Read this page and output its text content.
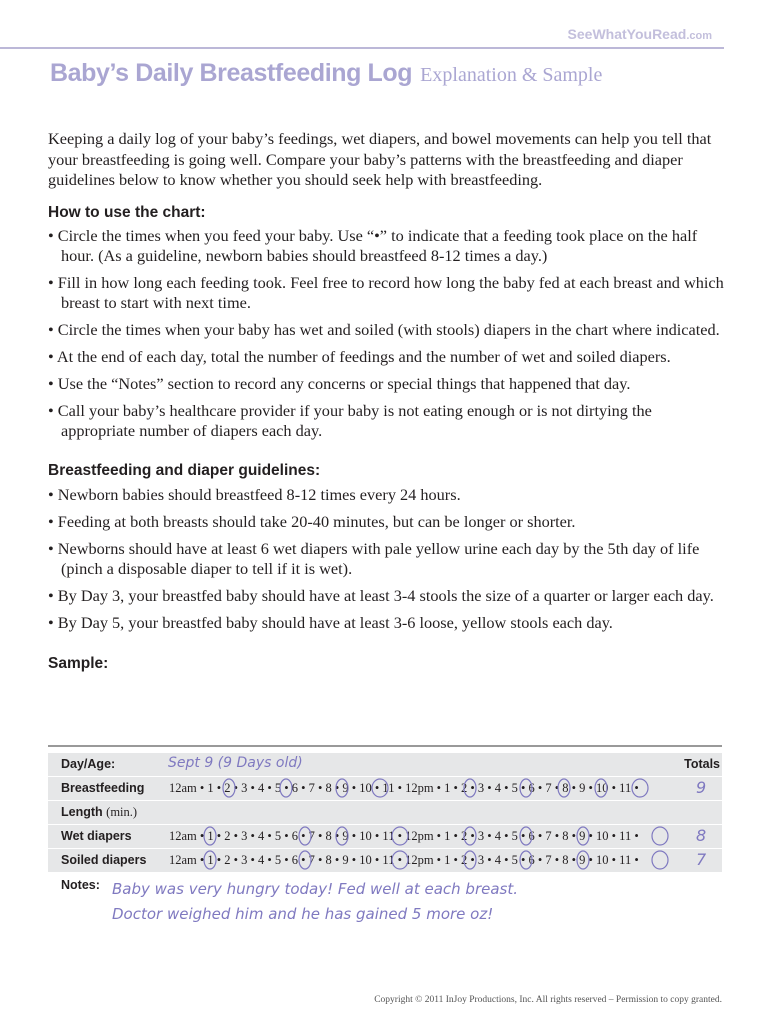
SeeWhatYouRead.com
Baby’s Daily Breastfeeding Log Explanation & Sample

Keeping a daily log of your baby’s feedings, wet diapers, and bowel movements can help you tell that your breastfeeding is going well. Compare your baby’s patterns with the breastfeeding and diaper guidelines below to know whether you should seek help with breastfeeding.

How to use the chart:
• Circle the times when you feed your baby. Use “•” to indicate that a feeding took place on the half hour. (As a guideline, newborn babies should breastfeed 8-12 times a day.)
• Fill in how long each feeding took. Feel free to record how long the baby fed at each breast and which breast to start with next time.
• Circle the times when your baby has wet and soiled (with stools) diapers in the chart where indicated.
• At the end of each day, total the number of feedings and the number of wet and soiled diapers.
• Use the “Notes” section to record any concerns or special things that happened that day.
• Call your baby’s healthcare provider if your baby is not eating enough or is not dirtying the appropriate number of diapers each day.
Breastfeeding and diaper guidelines:
• Newborn babies should breastfeed 8-12 times every 24 hours.
• Feeding at both breasts should take 20-40 minutes, but can be longer or shorter.
• Newborns should have at least 6 wet diapers with pale yellow urine each day by the 5th day of life (pinch a disposable diaper to tell if it is wet).
• By Day 3, your breastfed baby should have at least 3-4 stools the size of a quarter or larger each day.
• By Day 5, your breastfed baby should have at least 3-6 loose, yellow stools each day.
Sample:
Day/Age:	Sept 9 (9 Days old)	Totals
Breastfeeding 12am • 1 • 2 • 3 • 4 • 5 • 6 • 7 • 8 • 9 • 10 • 11 • 12pm • 1 • 2 • 3 • 4 • 5 • 6 • 7 • 8 • 9 • 10 • 11 •	9
Length (min.)
Wet diapers	12am • 1 • 2 • 3 • 4 • 5 • 6 • 7 • 8 • 9 • 10 • 11 • 12pm • 1 • 2 • 3 • 4 • 5 • 6 • 7 • 8 • 9 • 10 • 11 •	8
Soiled diapers 12am • 1 • 2 • 3 • 4 • 5 • 6 • 7 • 8 • 9 • 10 • 11 • 12pm • 1 • 2 • 3 • 4 • 5 • 6 • 7 • 8 • 9 • 10 • 11 •	7
Notes: Baby was very hungry today! Fed well at each breast.
Doctor weighed him and he has gained 5 more oz!
Copyright © 2011 InJoy Productions, Inc. All rights reserved – Permission to copy granted.
